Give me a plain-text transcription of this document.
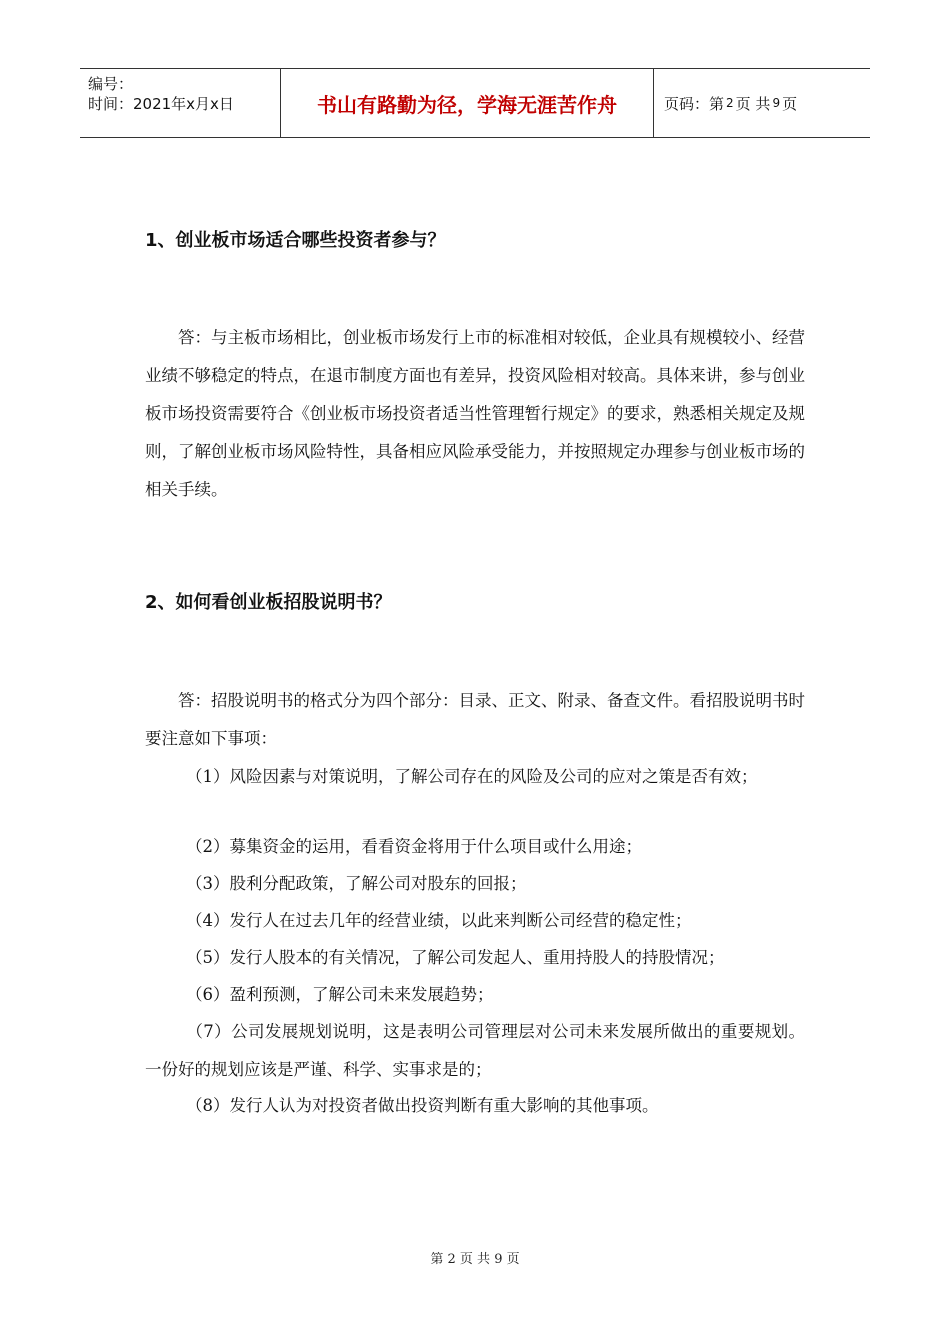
编号：
时间：2021年x月x日	书山有路勤为径，学海无涯苦作舟	页码：第 2 页 共 9 页
1、创业板市场适合哪些投资者参与？
答：与主板市场相比，创业板市场发行上市的标准相对较低，企业具有规模较小、经营业绩不够稳定的特点，在退市制度方面也有差异，投资风险相对较高。具体来讲，参与创业板市场投资需要符合《创业板市场投资者适当性管理暂行规定》的要求，熟悉相关规定及规则，了解创业板市场风险特性，具备相应风险承受能力，并按照规定办理参与创业板市场的相关手续。
2、如何看创业板招股说明书？
答：招股说明书的格式分为四个部分：目录、正文、附录、备查文件。看招股说明书时要注意如下事项：
（1）风险因素与对策说明，了解公司存在的风险及公司的应对之策是否有效；
（2）募集资金的运用，看看资金将用于什么项目或什么用途；
（3）股利分配政策，了解公司对股东的回报；
（4）发行人在过去几年的经营业绩，以此来判断公司经营的稳定性；
（5）发行人股本的有关情况，了解公司发起人、重用持股人的持股情况；
（6）盈利预测，了解公司未来发展趋势；
（7）公司发展规划说明，这是表明公司管理层对公司未来发展所做出的重要规划。一份好的规划应该是严谨、科学、实事求是的；
（8）发行人认为对投资者做出投资判断有重大影响的其他事项。
第 2 页 共 9 页
